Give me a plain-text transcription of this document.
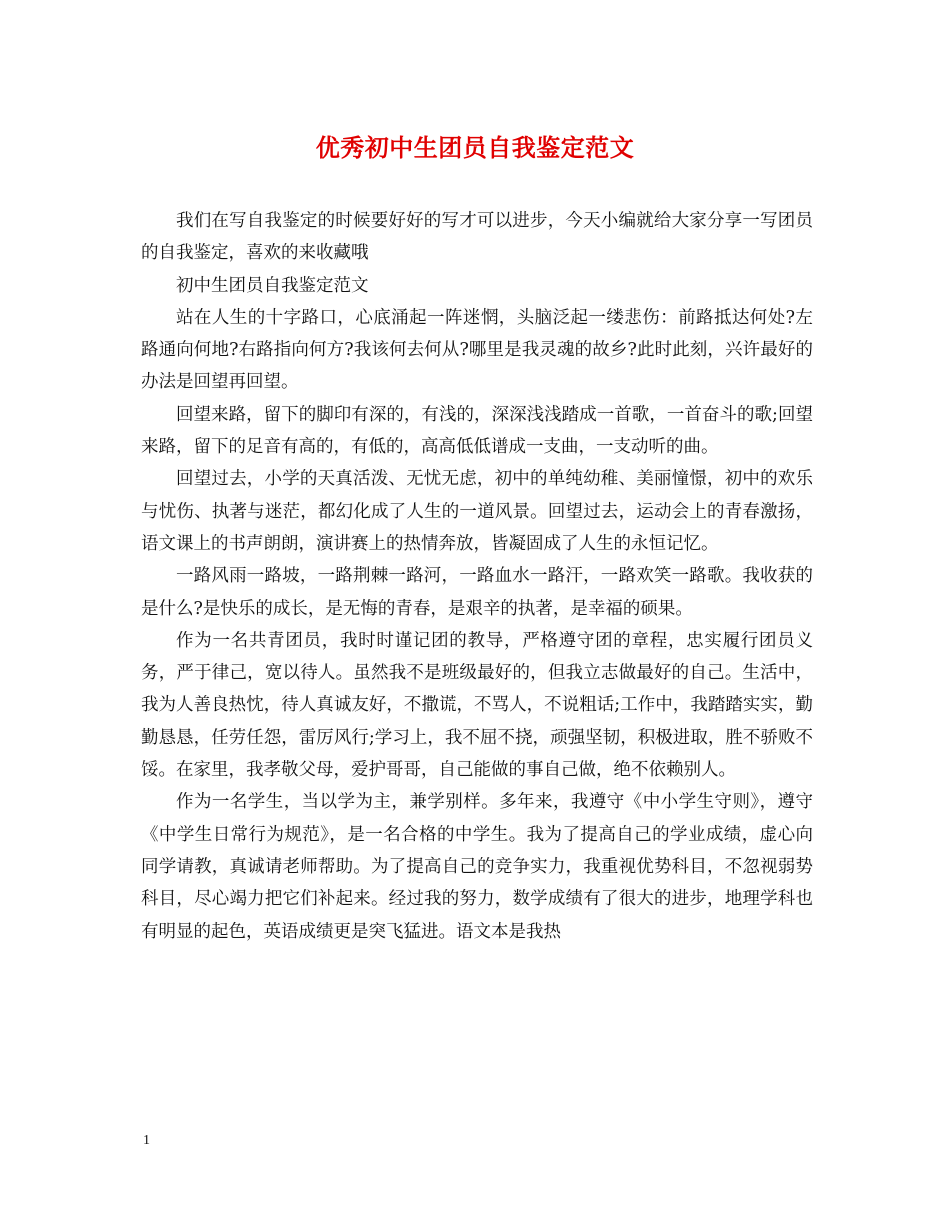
优秀初中生团员自我鉴定范文

我们在写自我鉴定的时候要好好的写才可以进步，今天小编就给大家分享一写团员的自我鉴定，喜欢的来收藏哦

初中生团员自我鉴定范文

站在人生的十字路口，心底涌起一阵迷惘，头脑泛起一缕悲伤：前路抵达何处?左路通向何地?右路指向何方?我该何去何从?哪里是我灵魂的故乡?此时此刻，兴许最好的办法是回望再回望。

回望来路，留下的脚印有深的，有浅的，深深浅浅踏成一首歌，一首奋斗的歌;回望来路，留下的足音有高的，有低的，高高低低谱成一支曲，一支动听的曲。

回望过去，小学的天真活泼、无忧无虑，初中的单纯幼稚、美丽憧憬，初中的欢乐与忧伤、执著与迷茫，都幻化成了人生的一道风景。回望过去，运动会上的青春激扬，语文课上的书声朗朗，演讲赛上的热情奔放，皆凝固成了人生的永恒记忆。

一路风雨一路坡，一路荆棘一路河，一路血水一路汗，一路欢笑一路歌。我收获的是什么?是快乐的成长，是无悔的青春，是艰辛的执著，是幸福的硕果。

作为一名共青团员，我时时谨记团的教导，严格遵守团的章程，忠实履行团员义务，严于律己，宽以待人。虽然我不是班级最好的，但我立志做最好的自己。生活中，我为人善良热忱，待人真诚友好，不撒谎，不骂人，不说粗话;工作中，我踏踏实实，勤勤恳恳，任劳任怨，雷厉风行;学习上，我不屈不挠，顽强坚韧，积极进取，胜不骄败不馁。在家里，我孝敬父母，爱护哥哥，自己能做的事自己做，绝不依赖别人。

作为一名学生，当以学为主，兼学别样。多年来，我遵守《中小学生守则》，遵守《中学生日常行为规范》，是一名合格的中学生。我为了提高自己的学业成绩，虚心向同学请教，真诚请老师帮助。为了提高自己的竞争实力，我重视优势科目，不忽视弱势科目，尽心竭力把它们补起来。经过我的努力，数学成绩有了很大的进步，地理学科也有明显的起色，英语成绩更是突飞猛进。语文本是我热

1
